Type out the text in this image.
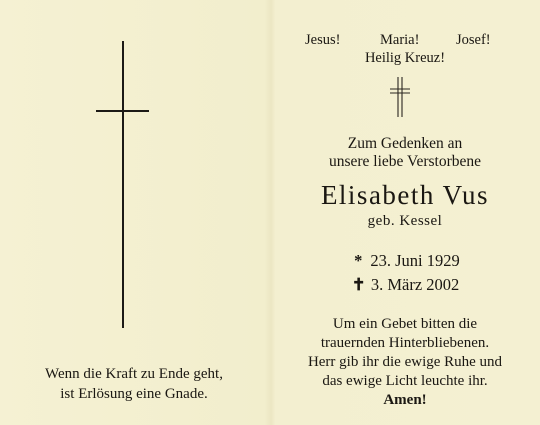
Wenn die Kraft zu Ende geht,
ist Erlösung eine Gnade.
Jesus!	Maria!	Josef!
Heilig Kreuz!
Zum Gedenken an
unsere liebe Verstorbene
Elisabeth Vus
geb. Kessel
* 23. Juni 1929
✝ 3. März 2002
Um ein Gebet bitten die
trauernden Hinterbliebenen.
Herr gib ihr die ewige Ruhe und
das ewige Licht leuchte ihr.
Amen!
